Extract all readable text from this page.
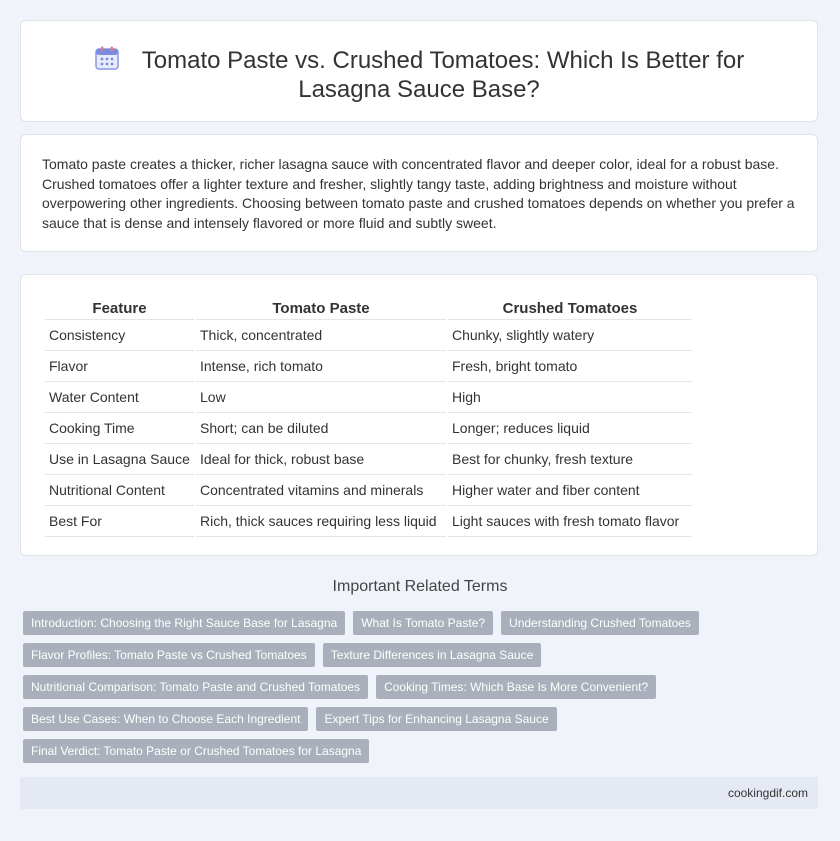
Tomato Paste vs. Crushed Tomatoes: Which Is Better for Lasagna Sauce Base?

Tomato paste creates a thicker, richer lasagna sauce with concentrated flavor and deeper color, ideal for a robust base. Crushed tomatoes offer a lighter texture and fresher, slightly tangy taste, adding brightness and moisture without overpowering other ingredients. Choosing between tomato paste and crushed tomatoes depends on whether you prefer a sauce that is dense and intensely flavored or more fluid and subtly sweet.

Feature	Tomato Paste	Crushed Tomatoes
Consistency	Thick, concentrated	Chunky, slightly watery
Flavor	Intense, rich tomato	Fresh, bright tomato
Water Content	Low	High
Cooking Time	Short; can be diluted	Longer; reduces liquid
Use in Lasagna Sauce	Ideal for thick, robust base	Best for chunky, fresh texture
Nutritional Content	Concentrated vitamins and minerals	Higher water and fiber content
Best For	Rich, thick sauces requiring less liquid	Light sauces with fresh tomato flavor
Important Related Terms
Introduction: Choosing the Right Sauce Base for Lasagna	What Is Tomato Paste?	Understanding Crushed Tomatoes
Flavor Profiles: Tomato Paste vs Crushed Tomatoes	Texture Differences in Lasagna Sauce
Nutritional Comparison: Tomato Paste and Crushed Tomatoes	Cooking Times: Which Base Is More Convenient?
Best Use Cases: When to Choose Each Ingredient	Expert Tips for Enhancing Lasagna Sauce
Final Verdict: Tomato Paste or Crushed Tomatoes for Lasagna
cookingdif.com
